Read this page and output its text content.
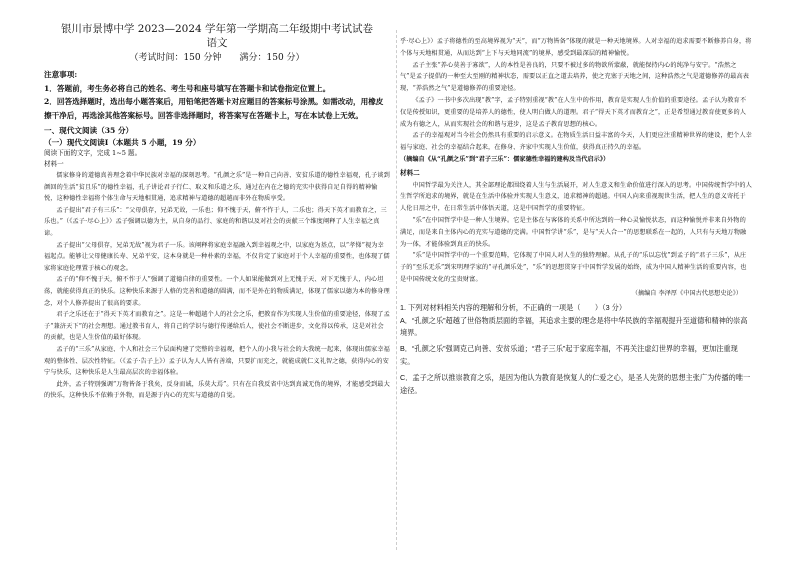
银川市景博中学 2023—2024 学年第一学期高二年级期中考试试卷

语文

（考试时间：150 分钟　　满分：150 分）

注意事项:

1．答题前，考生务必将自己的姓名、考生号和座号填写在答题卡和试卷指定位置上。

2．回答选择题时，选出每小题答案后，用铅笔把答题卡对应题目的答案标号涂黑。如需改动，用橡皮擦干净后，再选涂其他答案标号。回答非选择题时，将答案写在答题卡上，写在本试卷上无效。

一、现代文阅读（35 分）

（一）现代文阅读Ⅰ（本题共 5 小题，19 分）

阅读下面的文字，完成 1~5 题。

材料一

儒家修身的道德真善理念着中华民族对幸福的深刻思考。“孔颜之乐”是一种自己向善、安贫乐道的德性幸福观，孔子谈到颜回的生活“贫且乐”的德性幸福，孔子讲论君子行仁、取义和乐道之乐，通过在内在之德的充实中获得自足自得的精神愉悦，这种德性幸福将个体生命与天地相贯通，追求精神与道德的超越而非外在物质享受。

孟子提出“君子有三乐”：“父母俱存，兄弟无故，一乐也；仰不愧于天，俯不怍于人，二乐也；得天下英才而教育之，三乐也。”（《孟子·尽心上》）孟子强调以德为主，从自身的品行、家庭的和谐以及对社会的贡献三个维度阐释了人生幸福之真谛。

孟子提出“父母俱存，兄弟无故”视为君子一乐。该阐释将家庭幸福融入到幸福观之中，以家庭为基点，以“孝悌”视为幸福起点。能够让父母健康长寿、兄弟平安，这本身就是一种朴素的幸福，不仅肯定了家庭对于个人幸福的重要性，也体现了儒家将家庭伦理置于核心的观念。

孟子的“仰不愧于天，俯不怍于人”强调了道德自律的重要性。一个人如果能做到对上无愧于天、对下无愧于人，内心坦荡，就能获得真正的快乐。这种快乐来源于人格的完善和道德的圆满，而不是外在的物质满足，体现了儒家以德为本的修身理念，对个人修养提出了很高的要求。

君子之乐还在于“得天下英才而教育之”。这是一种超越个人的社会之乐，把教育作为实现人生价值的重要途径，体现了孟子“兼济天下”的社会理想。通过教书育人，将自己的学识与德行传递给后人，使社会不断进步，文化得以传承，这是对社会的贡献，也是人生价值的最好体现。

孟子的“三乐”从家庭、个人和社会三个层面构建了完整的幸福观，把个人的小我与社会的大我统一起来，体现出儒家幸福观的整体性、层次性特征。（《孟子·告子上》）孟子认为人人皆有善端，只要扩而充之，就能成就仁义礼智之德，获得内心的安宁与快乐，这种快乐是人生最高层次的幸福体验。

此外，孟子特别强调“万物皆备于我矣，反身而诚，乐莫大焉”。只有在自我反省中达到真诚无伪的境界，才能感受到最大的快乐，这种快乐不依赖于外物，而是源于内心的充实与道德的自觉。

乎·尽心上》）孟子将德性的至高境界视为“天”，而“万物皆备”体现的就是一种天地境界。人对幸福的追求需要不断修养自身，将个体与天地相贯通，从而达到“上下与天地同流”的境界，感受到最深层的精神愉悦。

孟子主张“养心莫善于寡欲”，人的本性是善良的，只要不被过多的物欲所蒙蔽，就能保持内心的纯净与安宁。“浩然之气”是孟子提倡的一种至大至刚的精神状态，需要以正直之道去培养，使之充塞于天地之间，这种浩然之气是道德修养的最高表现，“养浩然之气”是道德修养的重要途径。

《孟子》一书中多次出现“教”字，孟子特别重视“教”在人生中的作用，教育是实现人生价值的重要途径。孟子认为教育不仅是传授知识，更重要的是培养人的德性，使人明白做人的道理。君子“得天下英才而教育之”，正是希望通过教育使更多的人成为有德之人，从而实现社会的和谐与进步，这是孟子教育思想的核心。

孟子的幸福观对当今社会仍然具有重要的启示意义。在物质生活日益丰富的今天，人们更应注重精神世界的建设，把个人幸福与家庭、社会的幸福结合起来，在修身、齐家中实现人生价值，获得真正持久的幸福。

（摘编自《从“孔颜之乐”到“君子三乐”：儒家德性幸福的建构及当代启示》）

材料二

中国哲学最为关注人，其全部理论都围绕着人生与生活展开，对人生意义和生命价值进行深入的思考。中国传统哲学中的人生哲学所追求的境界，就是在生活中体验并实现人生意义，追求精神的超越。中国人向来重视现世生活，把人生的意义寄托于人伦日用之中，在日常生活中体悟天道，这是中国哲学的重要特征。

“乐”在中国哲学中是一种人生境界。它是主体在与客体的关系中所达到的一种心灵愉悦状态，而这种愉悦并非来自外物的满足，而是来自主体内心的充实与道德的完满。中国哲学讲“乐”，是与“天人合一”的思想联系在一起的，人只有与天地万物融为一体，才能体验到真正的快乐。

“乐”是中国哲学中的一个重要范畴，它体现了中国人对人生的独特理解。从孔子的“乐以忘忧”到孟子的“君子三乐”，从庄子的“至乐无乐”到宋明理学家的“寻孔颜乐处”，“乐”的思想贯穿于中国哲学发展的始终，成为中国人精神生活的重要内容，也是中国传统文化的宝贵财富。

（摘编自 李泽厚《中国古代思想史论》）

1. 下列对材料相关内容的理解和分析，不正确的一项是（　　）（3 分）

A．“孔颜之乐”超越了世俗物质层面的幸福，其追求主要的理念是将中华民族的幸福观提升至道德和精神的崇高境界。

B．“孔颜之乐”强调克己向善、安贫乐道；“君子三乐”起于家庭幸福，不再关注虚幻世界的幸福，更加注重现实。

C．孟子之所以推崇教育之乐，是因为他认为教育是恢复人的仁爱之心，是圣人先贤的思想主张广为传播的唯一途径。
